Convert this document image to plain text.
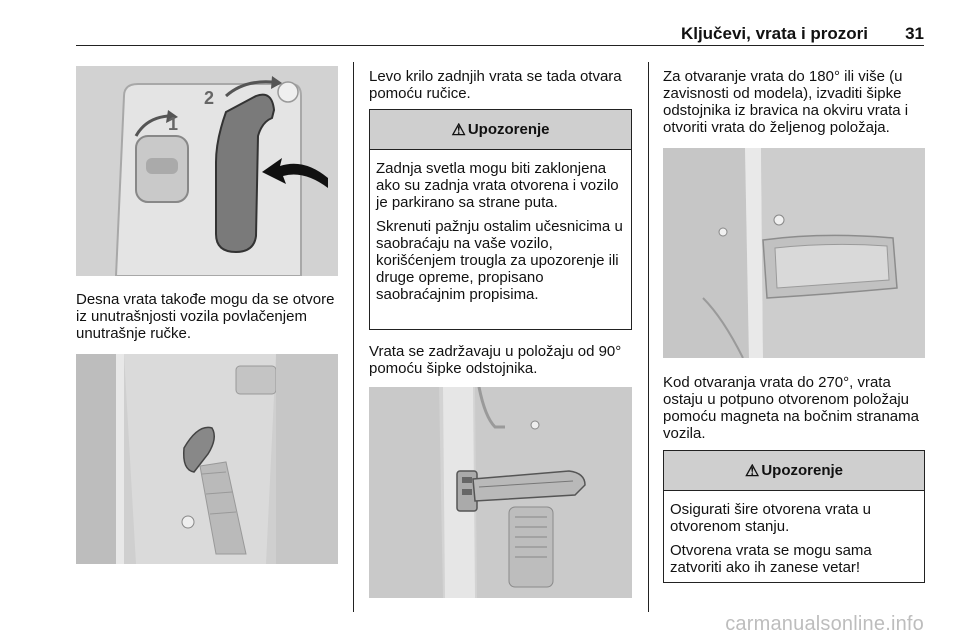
Ključevi, vrata i prozori 31
1
2
Desna vrata takođe mogu da se otvore iz unutrašnjosti vozila povlačenjem unutrašnje ručke.
Levo krilo zadnjih vrata se tada otvara pomoću ručice.
⚠ Upozorenje

Zadnja svetla mogu biti zaklonjena ako su zadnja vrata otvorena i vozilo je parkirano sa strane puta.

Skrenuti pažnju ostalim učesnicima u saobraćaju na vaše vozilo, korišćenjem trougla za upozorenje ili druge opreme, propisano saobraćajnim propisima.

Vrata se zadržavaju u položaju od 90° pomoću šipke odstojnika.
Za otvaranje vrata do 180° ili više (u zavisnosti od modela), izvaditi šipke odstojnika iz bravica na okviru vrata i otvoriti vrata do željenog položaja.
Kod otvaranja vrata do 270°, vrata ostaju u potpuno otvorenom položaju pomoću magneta na bočnim stranama vozila.
⚠ Upozorenje

Osigurati šire otvorena vrata u otvorenom stanju.

Otvorena vrata se mogu sama zatvoriti ako ih zanese vetar!

carmanualsonline.info
